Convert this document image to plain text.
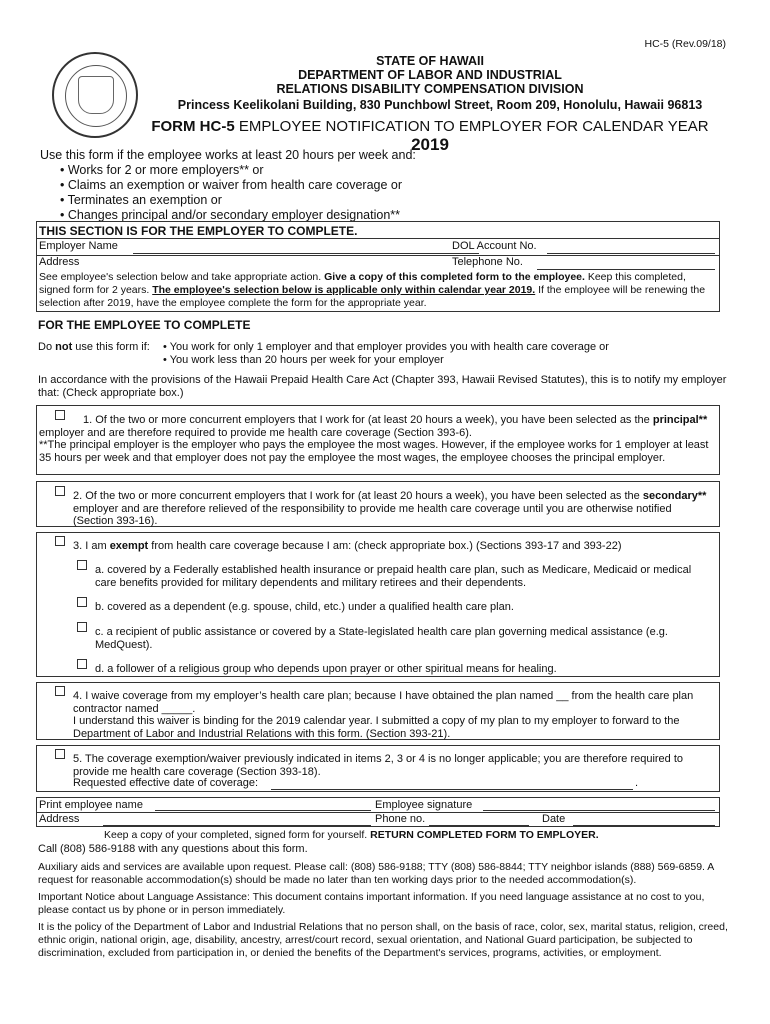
HC-5 (Rev.09/18)
STATE OF HAWAII
DEPARTMENT OF LABOR AND INDUSTRIAL
RELATIONS DISABILITY COMPENSATION DIVISION
Princess Keelikolani Building, 830 Punchbowl Street, Room 209, Honolulu, Hawaii 96813
FORM HC-5 EMPLOYEE NOTIFICATION TO EMPLOYER FOR CALENDAR YEAR 2019
Use this form if the employee works at least 20 hours per week and:
• Works for 2 or more employers** or
• Claims an exemption or waiver from health care coverage or
• Terminates an exemption or
• Changes principal and/or secondary employer designation**
THIS SECTION IS FOR THE EMPLOYER TO COMPLETE.
Employer Name	DOL Account No.
Address	Telephone No.
See employee's selection below and take appropriate action. Give a copy of this completed form to the employee. Keep this completed, signed form for 2 years. The employee's selection below is applicable only within calendar year 2019. If the employee will be renewing the selection after 2019, have the employee complete the form for the appropriate year.
FOR THE EMPLOYEE TO COMPLETE
Do not use this form if: • You work for only 1 employer and that employer provides you with health care coverage or
• You work less than 20 hours per week for your employer
In accordance with the provisions of the Hawaii Prepaid Health Care Act (Chapter 393, Hawaii Revised Statutes), this is to notify my employer that: (Check appropriate box.)

1. Of the two or more concurrent employers that I work for (at least 20 hours a week), you have been selected as the principal** employer and are therefore required to provide me health care coverage (Section 393-6).

**The principal employer is the employer who pays the employee the most wages. However, if the employee works for 1 employer at least 35 hours per week and that employer does not pay the employee the most wages, the employee chooses the principal employer.

2. Of the two or more concurrent employers that I work for (at least 20 hours a week), you have been selected as the secondary** employer and are therefore relieved of the responsibility to provide me health care coverage until you are otherwise notified (Section 393-16).

3. I am exempt from health care coverage because I am: (check appropriate box.) (Sections 393-17 and 393-22)

a. covered by a Federally established health insurance or prepaid health care plan, such as Medicare, Medicaid or medical care benefits provided for military dependents and military retirees and their dependents.

b. covered as a dependent (e.g. spouse, child, etc.) under a qualified health care plan.

c. a recipient of public assistance or covered by a State-legislated health care plan governing medical assistance (e.g. MedQuest).

d. a follower of a religious group who depends upon prayer or other spiritual means for healing.

4. I waive coverage from my employer’s health care plan; because I have obtained the plan named __ from the health care plan contractor named _____.

I understand this waiver is binding for the 2019 calendar year. I submitted a copy of my plan to my employer to forward to the Department of Labor and Industrial Relations with this form. (Section 393-21).

5. The coverage exemption/waiver previously indicated in items 2, 3 or 4 is no longer applicable; you are therefore required to provide me health care coverage (Section 393-18).

Requested effective date of coverage:	.
Print employee name	Employee signature
Address	Phone no.	Date
Keep a copy of your completed, signed form for yourself. RETURN COMPLETED FORM TO EMPLOYER.
Call (808) 586-9188 with any questions about this form.
Auxiliary aids and services are available upon request. Please call: (808) 586-9188; TTY (808) 586-8844; TTY neighbor islands (888) 569-6859. A request for reasonable accommodation(s) should be made no later than ten working days prior to the needed accommodation(s).
Important Notice about Language Assistance: This document contains important information. If you need language assistance at no cost to you, please contact us by phone or in person immediately.
It is the policy of the Department of Labor and Industrial Relations that no person shall, on the basis of race, color, sex, marital status, religion, creed, ethnic origin, national origin, age, disability, ancestry, arrest/court record, sexual orientation, and National Guard participation, be subjected to discrimination, excluded from participation in, or denied the benefits of the Department's services, programs, activities, or employment.
